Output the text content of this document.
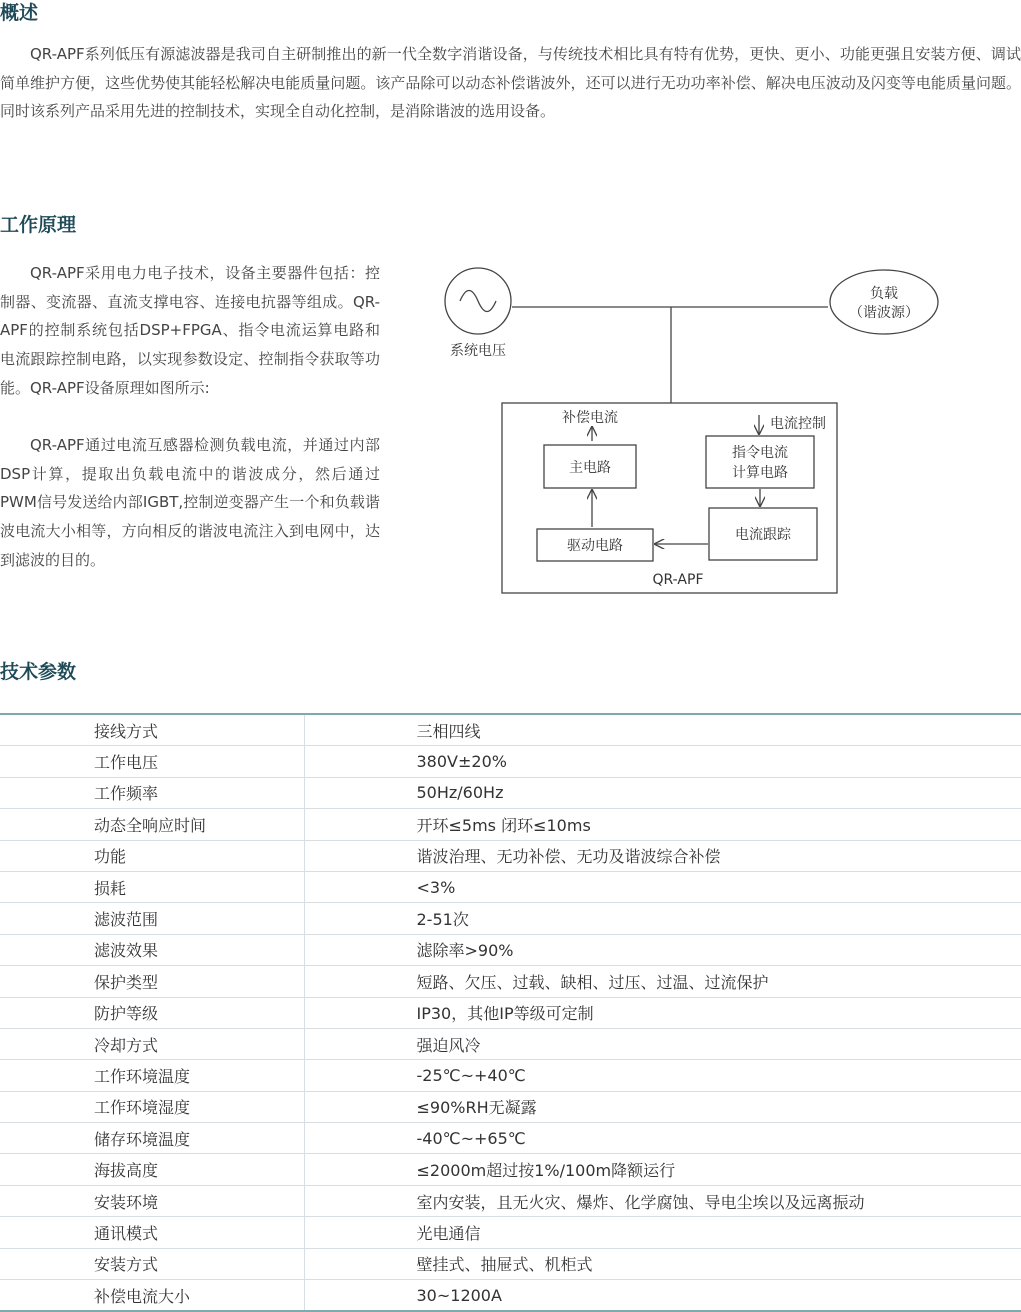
概述

QR-APF系列低压有源滤波器是我司自主研制推出的新一代全数字消谐设备，与传统技术相比具有特有优势，更快、更小、功能更强且安装方便、调试简单维护方便，这些优势使其能轻松解决电能质量问题。该产品除可以动态补偿谐波外，还可以进行无功功率补偿、解决电压波动及闪变等电能质量问题。同时该系列产品采用先进的控制技术，实现全自动化控制，是消除谐波的选用设备。

工作原理

QR-APF采用电力电子技术，设备主要器件包括：控制器、变流器、直流支撑电容、连接电抗器等组成。QR-APF的控制系统包括DSP+FPGA、指令电流运算电路和电流跟踪控制电路，以实现参数设定、控制指令获取等功能。QR-APF设备原理如图所示:

QR-APF通过电流互感器检测负载电流，并通过内部DSP计算，提取出负载电流中的谐波成分，然后通过PWM信号发送给内部IGBT,控制逆变器产生一个和负载谐波电流大小相等，方向相反的谐波电流注入到电网中，达到滤波的目的。

系统电压
负载
（谐波源）
补偿电流	电流控制
主电路
指令电流
计算电路
驱动电路
电流跟踪
QR-APF
技术参数
接线方式	三相四线
工作电压	380V±20%
工作频率	50Hz/60Hz
动态全响应时间	开环≤5ms 闭环≤10ms
功能	谐波治理、无功补偿、无功及谐波综合补偿
损耗	<3%
滤波范围	2-51次
滤波效果	滤除率>90%
保护类型	短路、欠压、过载、缺相、过压、过温、过流保护
防护等级	IP30，其他IP等级可定制
冷却方式	强迫风冷
工作环境温度	-25℃~+40℃
工作环境湿度	≤90%RH无凝露
储存环境温度	-40℃~+65℃
海拔高度	≤2000m超过按1%/100m降额运行
安装环境	室内安装，且无火灾、爆炸、化学腐蚀、导电尘埃以及远离振动
通讯模式	光电通信
安装方式	壁挂式、抽屉式、机柜式
补偿电流大小	30~1200A
